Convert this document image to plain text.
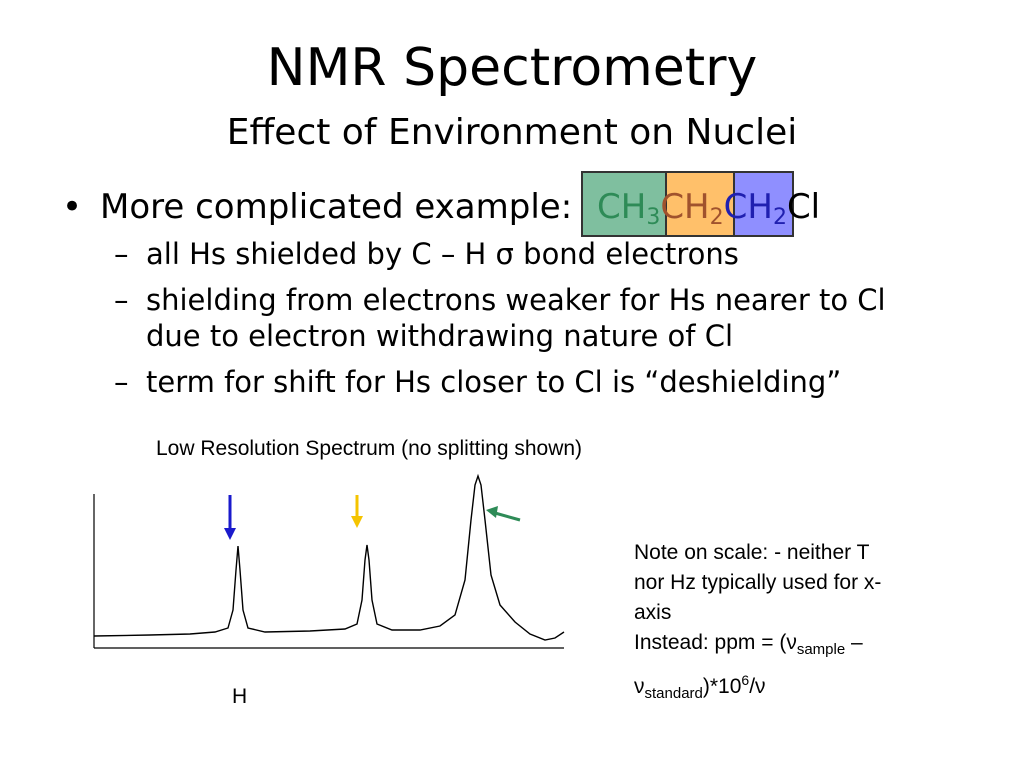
NMR Spectrometry
Effect of Environment on Nuclei
• More complicated example: $CH_3CH_2CH_2Cl$
– all Hs shielded by C – H σ bond electrons
– shielding from electrons weaker for Hs nearer to Cl
due to electron withdrawing nature of Cl
– term for shift for Hs closer to Cl is “deshielding”
Low Resolution Spectrum (no splitting shown)
H
Note on scale: - neither T
nor Hz typically used for x-
axis
Instead: ppm = ($\nu_{sample}$ –
$\nu_{standard})*10^6/\nu$
